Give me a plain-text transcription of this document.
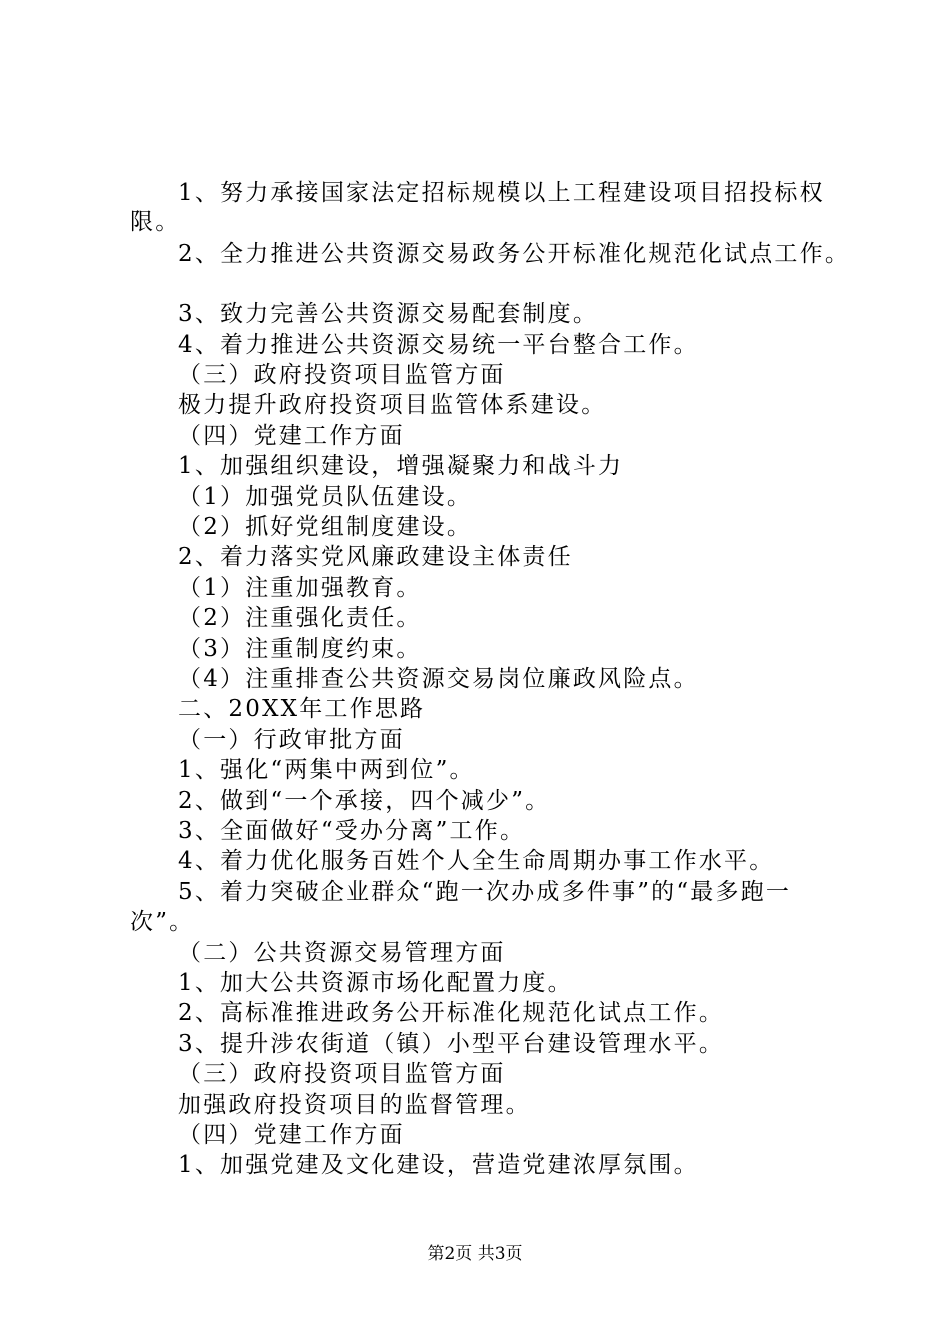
1、努力承接国家法定招标规模以上工程建设项目招投标权
限。
2、全力推进公共资源交易政务公开标准化规范化试点工作。
3、致力完善公共资源交易配套制度。
4、着力推进公共资源交易统一平台整合工作。
（三）政府投资项目监管方面
极力提升政府投资项目监管体系建设。
（四）党建工作方面
1、加强组织建设，增强凝聚力和战斗力
（1）加强党员队伍建设。
（2）抓好党组制度建设。
2、着力落实党风廉政建设主体责任
（1）注重加强教育。
（2）注重强化责任。
（3）注重制度约束。
（4）注重排查公共资源交易岗位廉政风险点。
二、20XX年工作思路
（一）行政审批方面
1、强化“两集中两到位”。
2、做到“一个承接，四个减少”。
3、全面做好“受办分离”工作。
4、着力优化服务百姓个人全生命周期办事工作水平。
5、着力突破企业群众“跑一次办成多件事”的“最多跑一
次”。
（二）公共资源交易管理方面
1、加大公共资源市场化配置力度。
2、高标准推进政务公开标准化规范化试点工作。
3、提升涉农街道（镇）小型平台建设管理水平。
（三）政府投资项目监管方面
加强政府投资项目的监督管理。
（四）党建工作方面
1、加强党建及文化建设，营造党建浓厚氛围。
第2页 共3页
